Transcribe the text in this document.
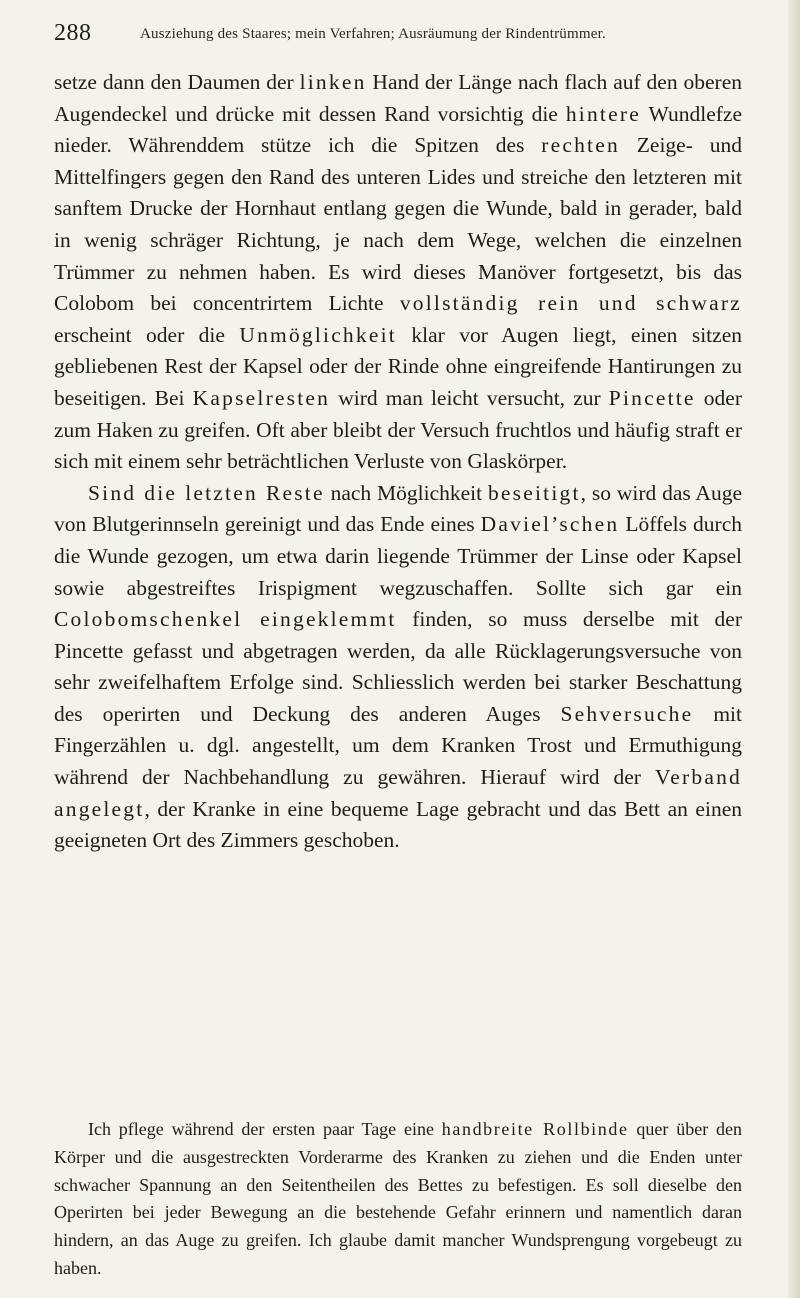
288	Ausziehung des Staares; mein Verfahren; Ausräumung der Rindentrümmer.

setze dann den Daumen der linken Hand der Länge nach flach auf den oberen Augendeckel und drücke mit dessen Rand vorsichtig die hintere Wundlefze nieder. Währenddem stütze ich die Spitzen des rechten Zeige- und Mittelfingers gegen den Rand des unteren Lides und streiche den letzteren mit sanftem Drucke der Hornhaut entlang gegen die Wunde, bald in gerader, bald in wenig schräger Richtung, je nach dem Wege, welchen die einzelnen Trümmer zu nehmen haben. Es wird dieses Manöver fortgesetzt, bis das Colobom bei concentrirtem Lichte vollständig rein und schwarz erscheint oder die Unmöglichkeit klar vor Augen liegt, einen sitzen gebliebenen Rest der Kapsel oder der Rinde ohne eingreifende Hantirungen zu beseitigen. Bei Kapselresten wird man leicht versucht, zur Pincette oder zum Haken zu greifen. Oft aber bleibt der Versuch fruchtlos und häufig straft er sich mit einem sehr beträchtlichen Verluste von Glaskörper.

Sind die letzten Reste nach Möglichkeit beseitigt, so wird das Auge von Blutgerinnseln gereinigt und das Ende eines Daviel’schen Löffels durch die Wunde gezogen, um etwa darin liegende Trümmer der Linse oder Kapsel sowie abgestreiftes Irispigment wegzuschaffen. Sollte sich gar ein Colobomschenkel eingeklemmt finden, so muss derselbe mit der Pincette gefasst und abgetragen werden, da alle Rücklagerungsversuche von sehr zweifelhaftem Erfolge sind. Schliesslich werden bei starker Beschattung des operirten und Deckung des anderen Auges Sehversuche mit Fingerzählen u. dgl. angestellt, um dem Kranken Trost und Ermuthigung während der Nachbehandlung zu gewähren. Hierauf wird der Verband angelegt, der Kranke in eine bequeme Lage gebracht und das Bett an einen geeigneten Ort des Zimmers geschoben.

Ich pflege während der ersten paar Tage eine handbreite Rollbinde quer über den Körper und die ausgestreckten Vorderarme des Kranken zu ziehen und die Enden unter schwacher Spannung an den Seitentheilen des Bettes zu befestigen. Es soll dieselbe den Operirten bei jeder Bewegung an die bestehende Gefahr erinnern und namentlich daran hindern, an das Auge zu greifen. Ich glaube damit mancher Wundsprengung vorgebeugt zu haben.
